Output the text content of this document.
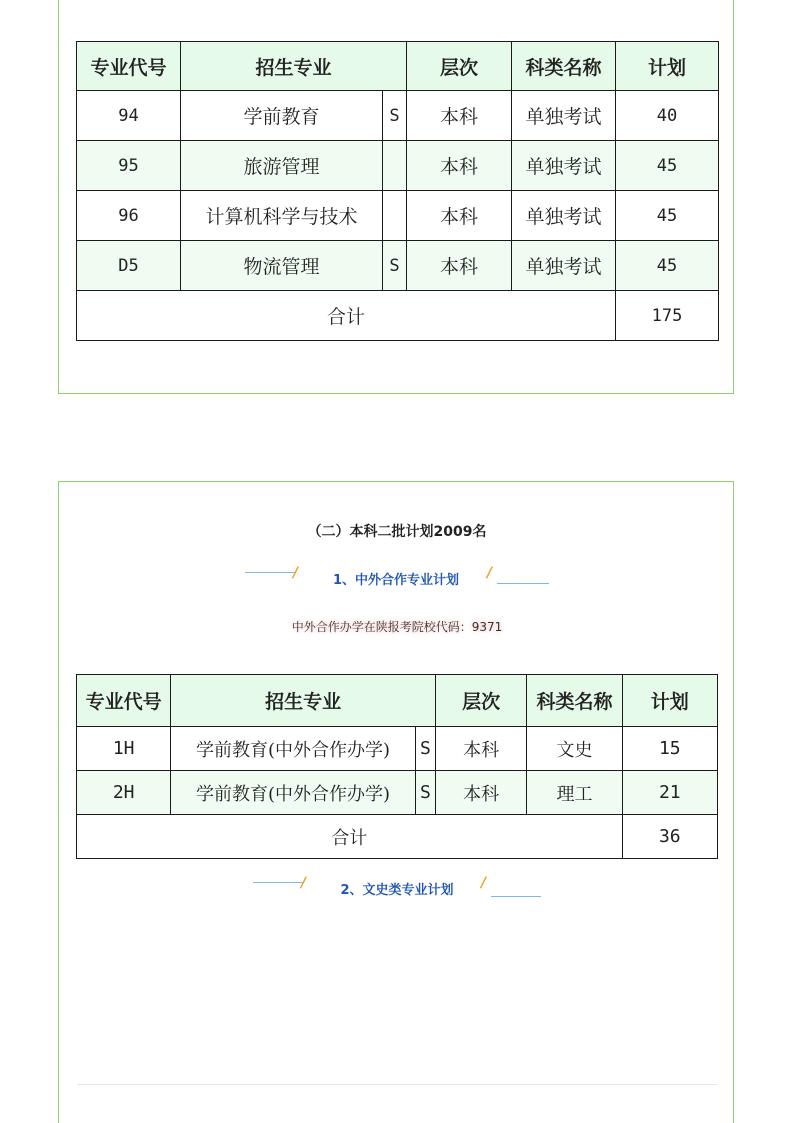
专业代号	招生专业		层次	科类名称	计划
94	学前教育	S	本科	单独考试	40
95	旅游管理		本科	单独考试	45
96	计算机科学与技术		本科	单独考试	45
D5	物流管理	S	本科	单独考试	45
合计					175
（二）本科二批计划2009名
/	1、中外合作专业计划	/
中外合作办学在陕报考院校代码：9371
专业代号	招生专业		层次	科类名称	计划
1H	学前教育(中外合作办学)	S	本科	文史	15
2H	学前教育(中外合作办学)	S	本科	理工	21
合计					36
/	2、文史类专业计划	/
